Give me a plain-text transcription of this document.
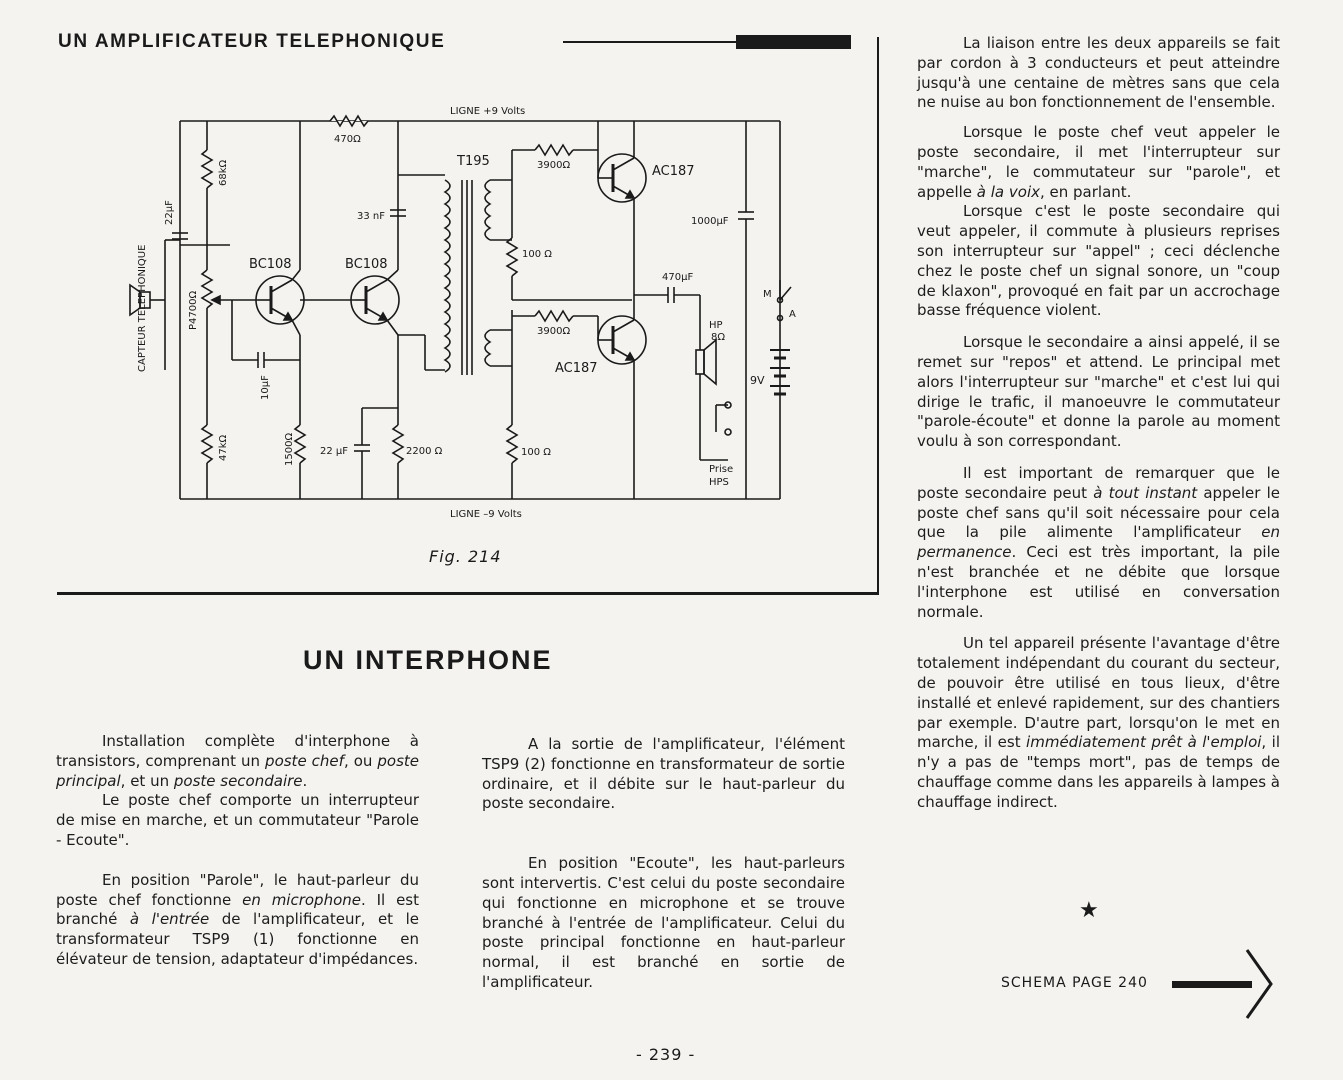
UN AMPLIFICATEUR TELEPHONIQUE
LIGNE +9 Volts
LIGNE –9 Volts
CAPTEUR TELEPHONIQUE
22μF
68kΩ
P4700Ω
47kΩ
BC108
10μF
1500Ω
470Ω
BC108
33 nF
2200 Ω
22 μF
T195	3900Ω
100 Ω
AC187
3900Ω
AC187
100 Ω
1000μF
470μF
HP
8Ω
Prise
HPS
M
A
9V
Fig. 214
UN INTERPHONE

Installation complète d'interphone à transistors, comprenant un poste chef, ou poste principal, et un poste secondaire.

Le poste chef comporte un interrupteur de mise en marche, et un commutateur "Parole - Ecoute".

En position "Parole", le haut-parleur du poste chef fonctionne en microphone. Il est branché à l'entrée de l'amplificateur, et le transformateur TSP9 (1) fonctionne en élévateur de tension, adaptateur d'impédances.

A la sortie de l'amplificateur, l'élément TSP9 (2) fonctionne en transformateur de sortie ordinaire, et il débite sur le haut-parleur du poste secondaire.

En position "Ecoute", les haut-parleurs sont intervertis. C'est celui du poste secondaire qui fonctionne en microphone et se trouve branché à l'entrée de l'amplificateur. Celui du poste principal fonctionne en haut-parleur normal, il est branché en sortie de l'amplificateur.

La liaison entre les deux appareils se fait par cordon à 3 conducteurs et peut atteindre jusqu'à une centaine de mètres sans que cela ne nuise au bon fonctionnement de l'ensemble.

Lorsque le poste chef veut appeler le poste secondaire, il met l'interrupteur sur "marche", le commutateur sur "parole", et appelle à la voix, en parlant.

Lorsque c'est le poste secondaire qui veut appeler, il commute à plusieurs reprises son interrupteur sur "appel" ; ceci déclenche chez le poste chef un signal sonore, un "coup de klaxon", provoqué en fait par un accrochage basse fréquence violent.

Lorsque le secondaire a ainsi appelé, il se remet sur "repos" et attend. Le principal met alors l'interrupteur sur "marche" et c'est lui qui dirige le trafic, il manoeuvre le commutateur "parole-écoute" et donne la parole au moment voulu à son correspondant.

Il est important de remarquer que le poste secondaire peut à tout instant appeler le poste chef sans qu'il soit nécessaire pour cela que la pile alimente l'amplificateur en permanence. Ceci est très important, la pile n'est branchée et ne débite que lorsque l'interphone est utilisé en conversation normale.

Un tel appareil présente l'avantage d'être totalement indépendant du courant du secteur, de pouvoir être utilisé en tous lieux, d'être installé et enlevé rapidement, sur des chantiers par exemple. D'autre part, lorsqu'on le met en marche, il est immédiatement prêt à l'emploi, il n'y a pas de "temps mort", pas de temps de chauffage comme dans les appareils à lampes à chauffage indirect.

★
SCHEMA PAGE 240
- 239 -
